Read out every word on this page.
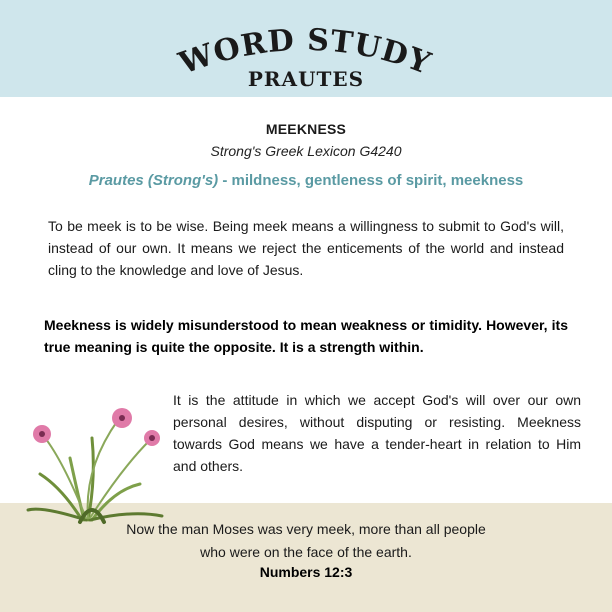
WORD STUDY
PRAUTES
MEEKNESS
Strong's Greek Lexicon G4240
Prautes (Strong's) - mildness, gentleness of spirit, meekness
To be meek is to be wise. Being meek means a willingness to submit to God's will, instead of our own. It means we reject the enticements of the world and instead cling to the knowledge and love of Jesus.
Meekness is widely misunderstood to mean weakness or timidity. However, its true meaning is quite the opposite. It is a strength within.
It is the attitude in which we accept God's will over our own personal desires, without disputing or resisting. Meekness towards God means we have a tender-heart in relation to Him and others.
Now the man Moses was very meek, more than all people
who were on the face of the earth.
Numbers 12:3
